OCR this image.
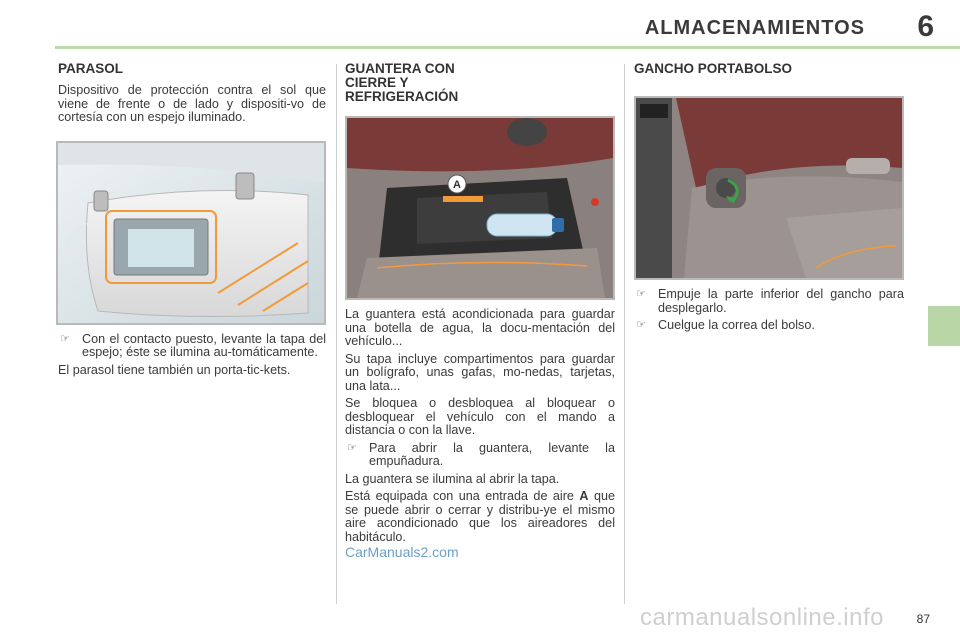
ALMACENAMIENTOS 6
PARASOL

Dispositivo de protección contra el sol que viene de frente o de lado y dispositi-vo de cortesía con un espejo iluminado.

☞ Con el contacto puesto, levante la tapa del espejo; éste se ilumina au-tomáticamente.

El parasol tiene también un porta-tic-kets.

GUANTERA CON CIERRE Y REFRIGERACIÓN
A

La guantera está acondicionada para guardar una botella de agua, la docu-mentación del vehículo...

Su tapa incluye compartimentos para guardar un bolígrafo, unas gafas, mo-nedas, tarjetas, una lata...

Se bloquea o desbloquea al bloquear o desbloquear el vehículo con el mando a distancia o con la llave.

☞ Para abrir la guantera, levante la empuñadura.

La guantera se ilumina al abrir la tapa.

Está equipada con una entrada de aire A que se puede abrir o cerrar y distribu-ye el mismo aire acondicionado que los aireadores del habitáculo.

GANCHO PORTABOLSO
☞ Empuje la parte inferior del gancho para desplegarlo.
☞ Cuelgue la correa del bolso.
CarManuals2.com
carmanualsonline.info	87
